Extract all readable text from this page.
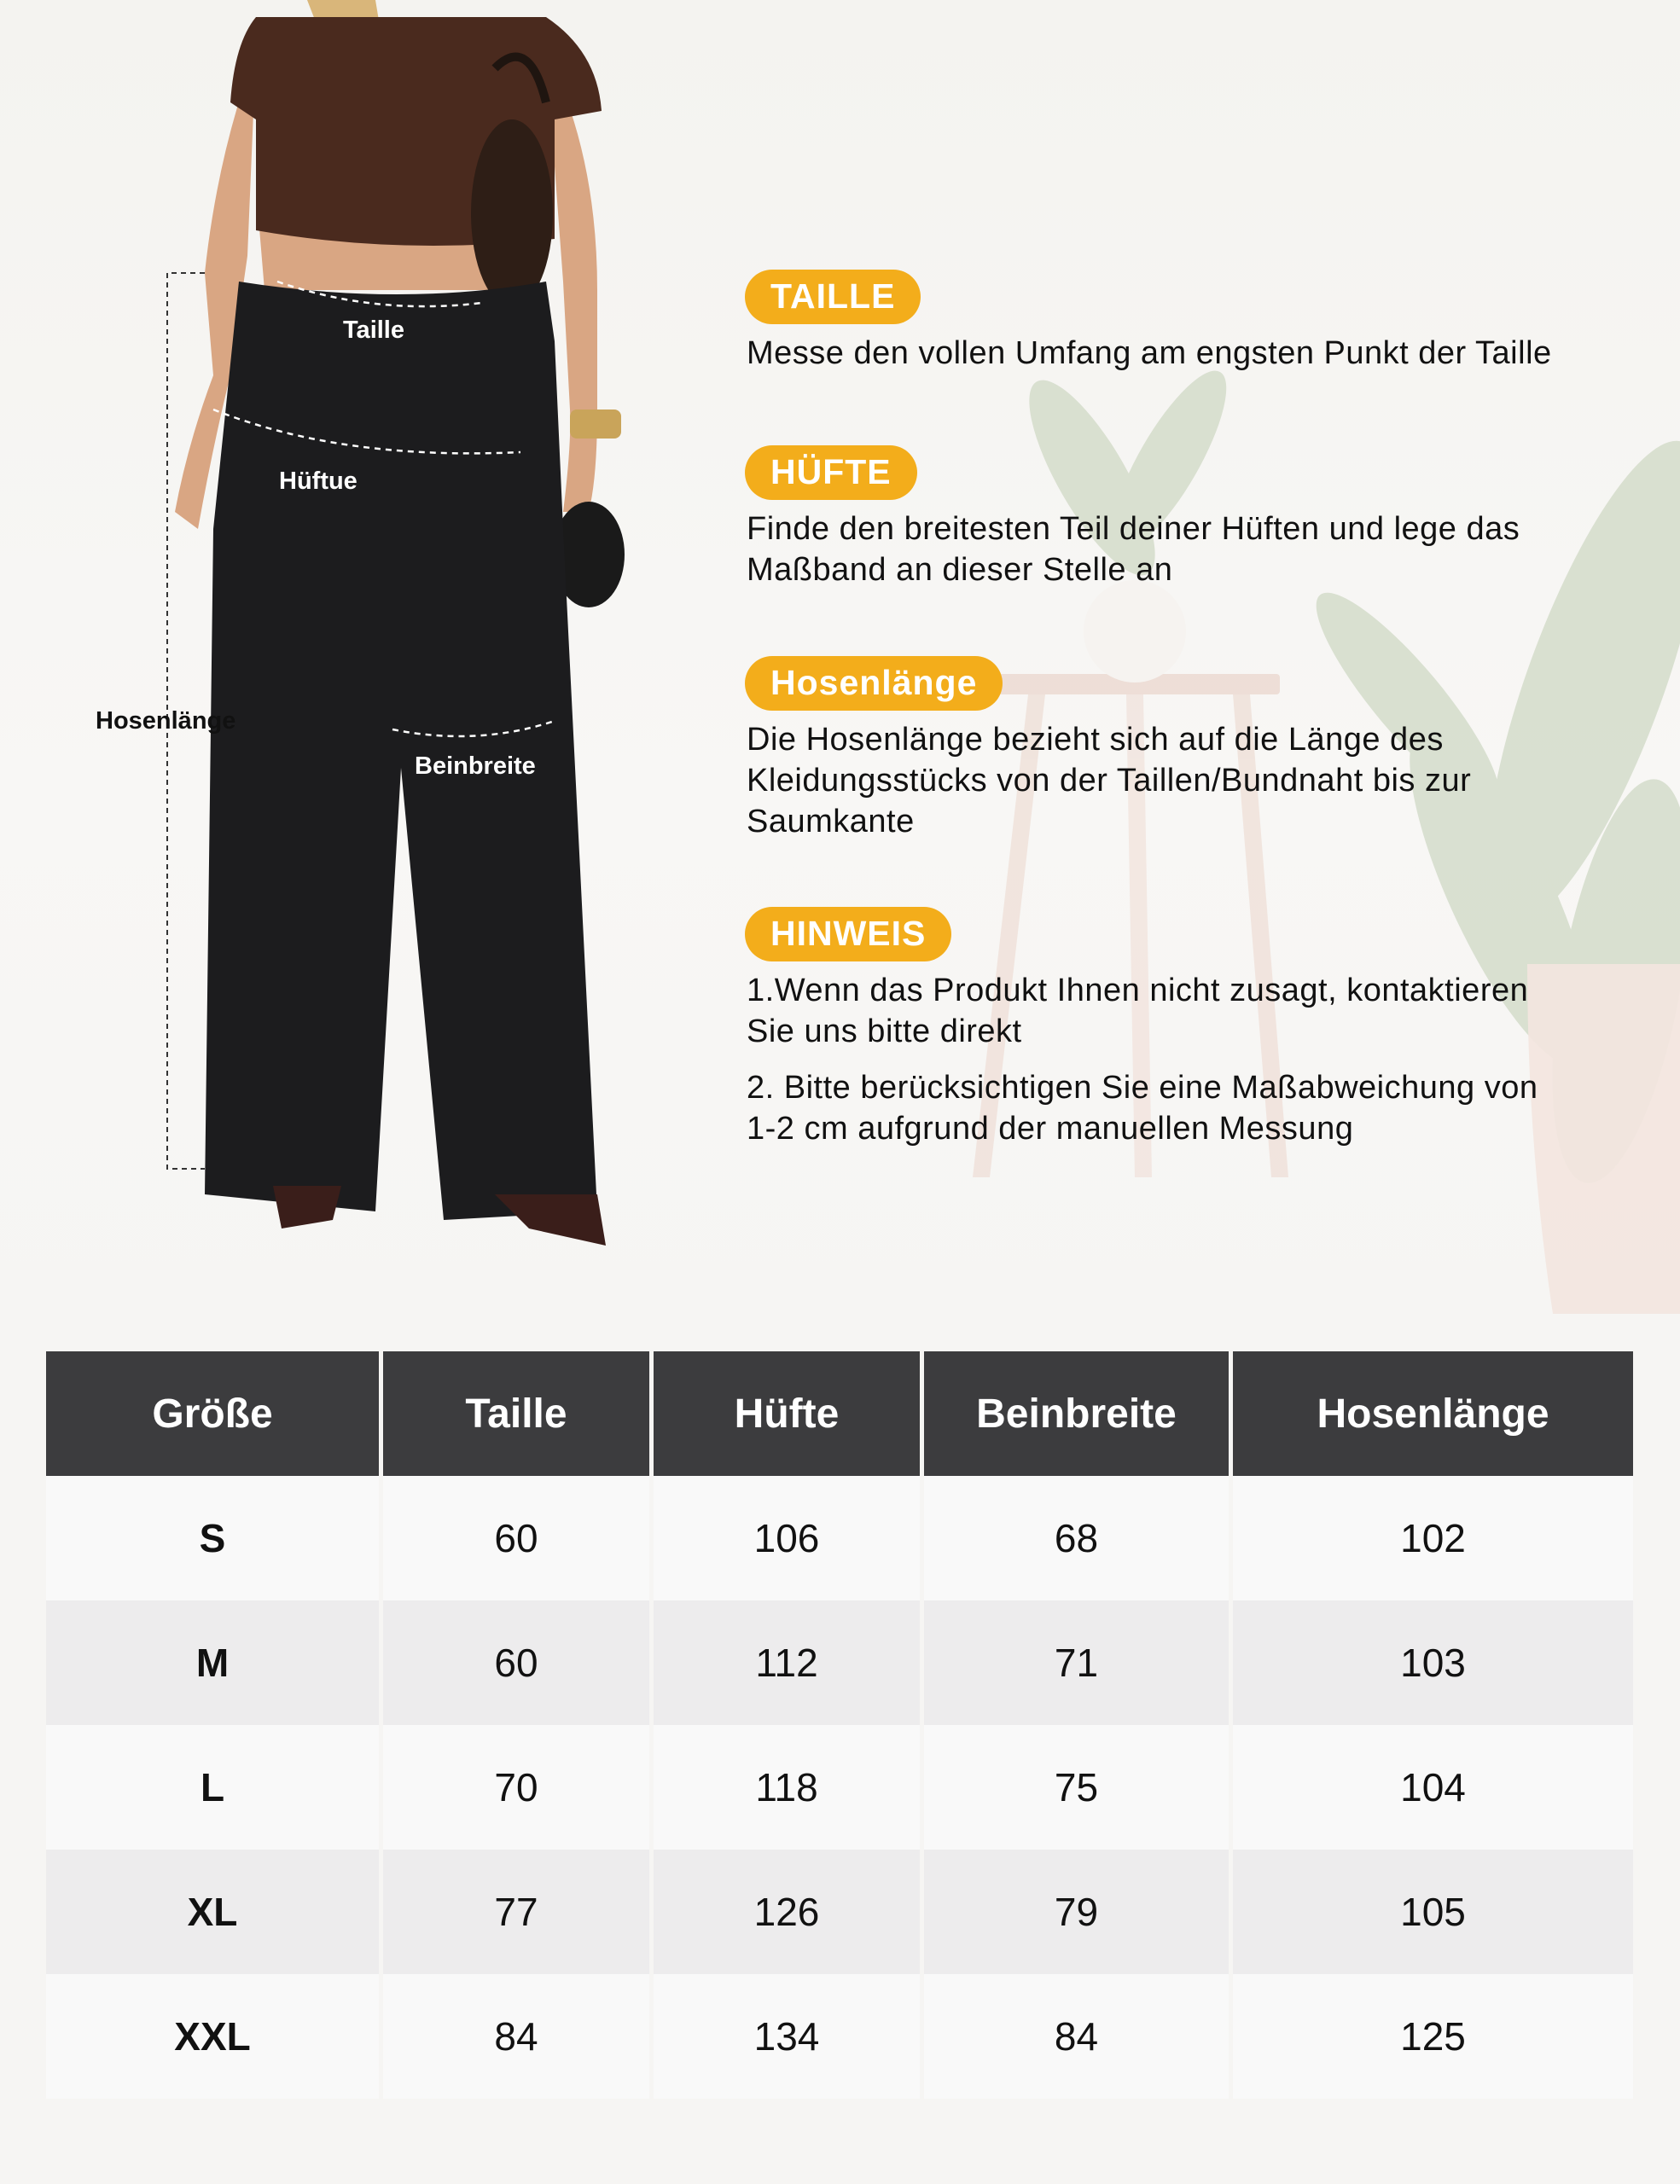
Taille
Hüftue
Beinbreite
Hosenlänge
TAILLE

Messe den vollen Umfang am engsten Punkt der Taille

HÜFTE

Finde den breitesten Teil deiner Hüften und lege das
Maßband an dieser Stelle an

Hosenlänge

Die Hosenlänge bezieht sich auf die Länge des
Kleidungsstücks von der Taillen/Bundnaht bis zur
Saumkante

HINWEIS

1.Wenn das Produkt Ihnen nicht zusagt, kontaktieren
Sie uns bitte direkt

2. Bitte berücksichtigen Sie eine Maßabweichung von
1-2 cm aufgrund der manuellen Messung

Größe	Taille	Hüfte	Beinbreite	Hosenlänge
S	60	106	68	102
M	60	112	71	103
L	70	118	75	104
XL	77	126	79	105
XXL	84	134	84	125
